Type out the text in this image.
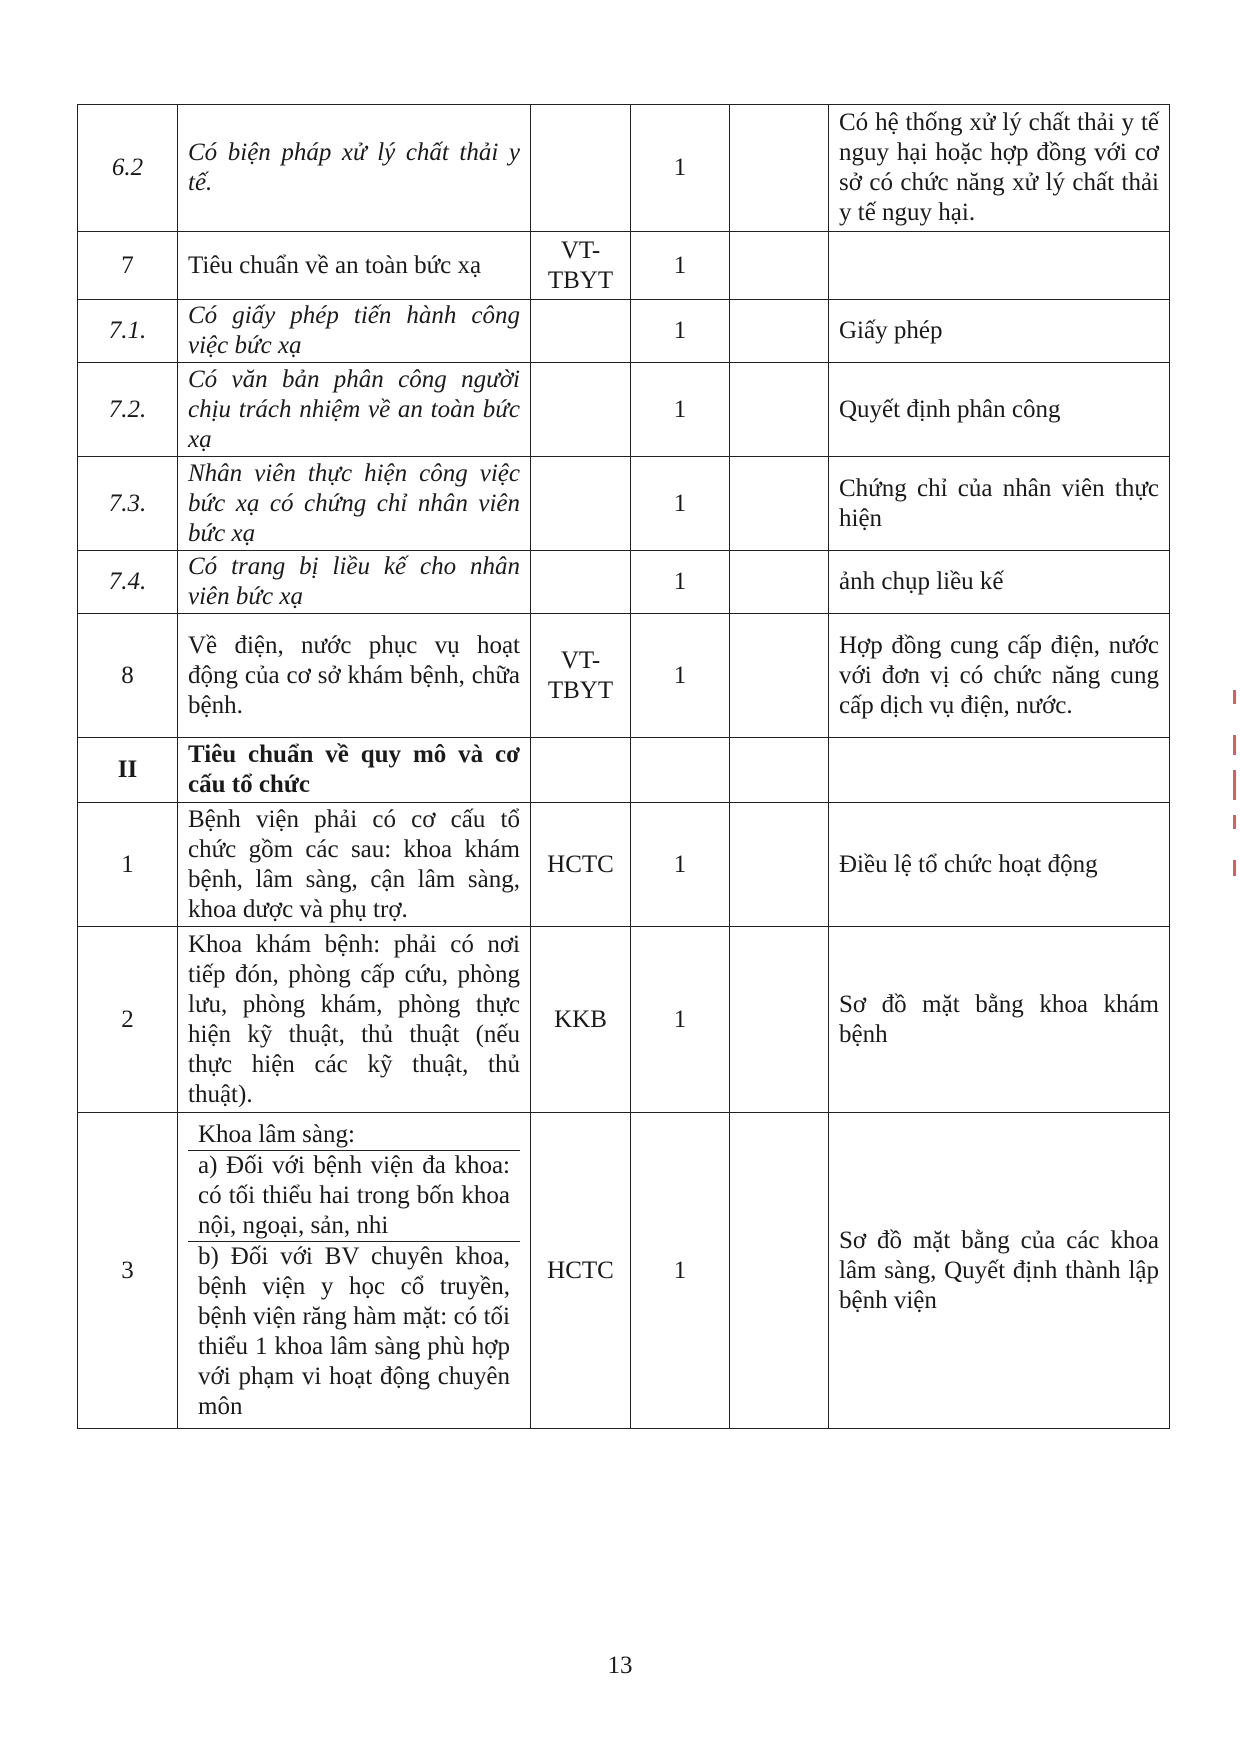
6.2	Có biện pháp xử lý chất thải y tế.		1		Có hệ thống xử lý chất thải y tế nguy hại hoặc hợp đồng với cơ sở có chức năng xử lý chất thải y tế nguy hại.
7	Tiêu chuẩn về an toàn bức xạ	VT-TBYT	1		
7.1.	Có giấy phép tiến hành công việc bức xạ		1		Giấy phép
7.2.	Có văn bản phân công người chịu trách nhiệm về an toàn bức xạ		1		Quyết định phân công
7.3.	Nhân viên thực hiện công việc bức xạ có chứng chỉ nhân viên bức xạ		1		Chứng chỉ của nhân viên thực hiện
7.4.	Có trang bị liều kế cho nhân viên bức xạ		1		ảnh chụp liều kế
8	Về điện, nước phục vụ hoạt động của cơ sở khám bệnh, chữa bệnh.	VT-TBYT	1		Hợp đồng cung cấp điện, nước với đơn vị có chức năng cung cấp dịch vụ điện, nước.
II	Tiêu chuẩn về quy mô và cơ cấu tổ chức				
1	Bệnh viện phải có cơ cấu tổ chức gồm các sau: khoa khám bệnh, lâm sàng, cận lâm sàng, khoa dược và phụ trợ.	HCTC	1		Điều lệ tổ chức hoạt động
2	Khoa khám bệnh: phải có nơi tiếp đón, phòng cấp cứu, phòng lưu, phòng khám, phòng thực hiện kỹ thuật, thủ thuật (nếu thực hiện các kỹ thuật, thủ thuật).	KKB	1		Sơ đồ mặt bằng khoa khám bệnh
3	Khoa lâm sàng:
a) Đối với bệnh viện đa khoa: có tối thiểu hai trong bốn khoa nội, ngoại, sản, nhi
b) Đối với BV chuyên khoa, bệnh viện y học cổ truyền, bệnh viện răng hàm mặt: có tối thiểu 1 khoa lâm sàng phù hợp với phạm vi hoạt động chuyên môn	HCTC	1		Sơ đồ mặt bằng của các khoa lâm sàng, Quyết định thành lập bệnh viện
13
